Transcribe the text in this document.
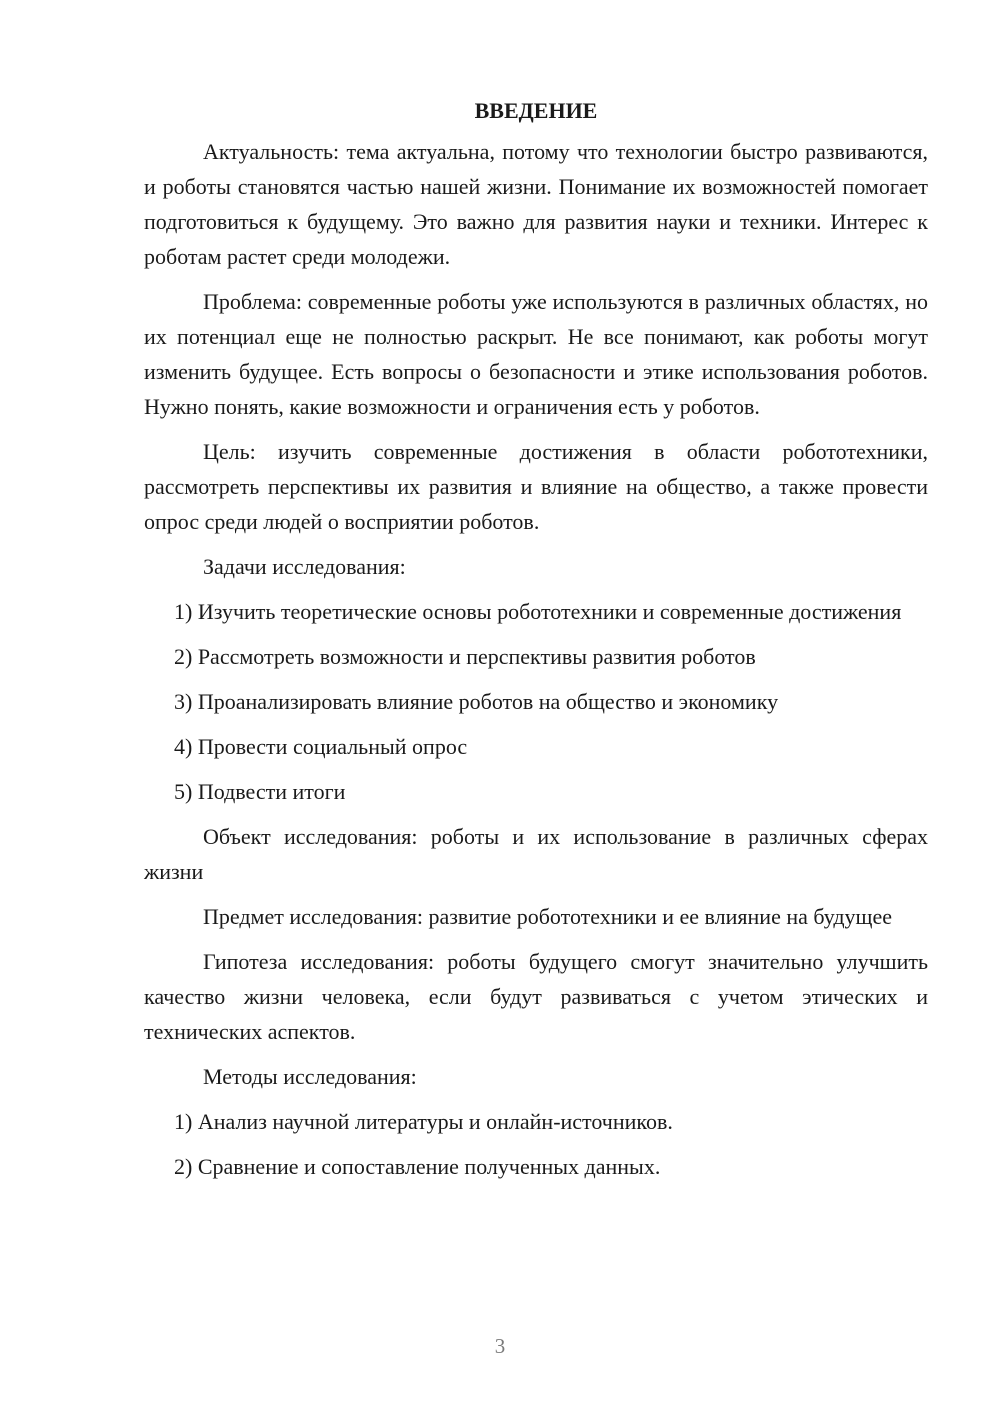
ВВЕДЕНИЕ

Актуальность: тема актуальна, потому что технологии быстро развиваются, и роботы становятся частью нашей жизни. Понимание их возможностей помогает подготовиться к будущему. Это важно для развития науки и техники. Интерес к роботам растет среди молодежи.

Проблема: современные роботы уже используются в различных областях, но их потенциал еще не полностью раскрыт. Не все понимают, как роботы могут изменить будущее. Есть вопросы о безопасности и этике использования роботов. Нужно понять, какие возможности и ограничения есть у роботов.

Цель: изучить современные достижения в области робототехники, рассмотреть перспективы их развития и влияние на общество, а также провести опрос среди людей о восприятии роботов.

Задачи исследования:

1) Изучить теоретические основы робототехники и современные достижения

2) Рассмотреть возможности и перспективы развития роботов

3) Проанализировать влияние роботов на общество и экономику

4) Провести социальный опрос

5) Подвести итоги

Объект исследования: роботы и их использование в различных сферах жизни

Предмет исследования: развитие робототехники и ее влияние на будущее

Гипотеза исследования: роботы будущего смогут значительно улучшить качество жизни человека, если будут развиваться с учетом этических и технических аспектов.

Методы исследования:

1) Анализ научной литературы и онлайн-источников.

2) Сравнение и сопоставление полученных данных.

3
